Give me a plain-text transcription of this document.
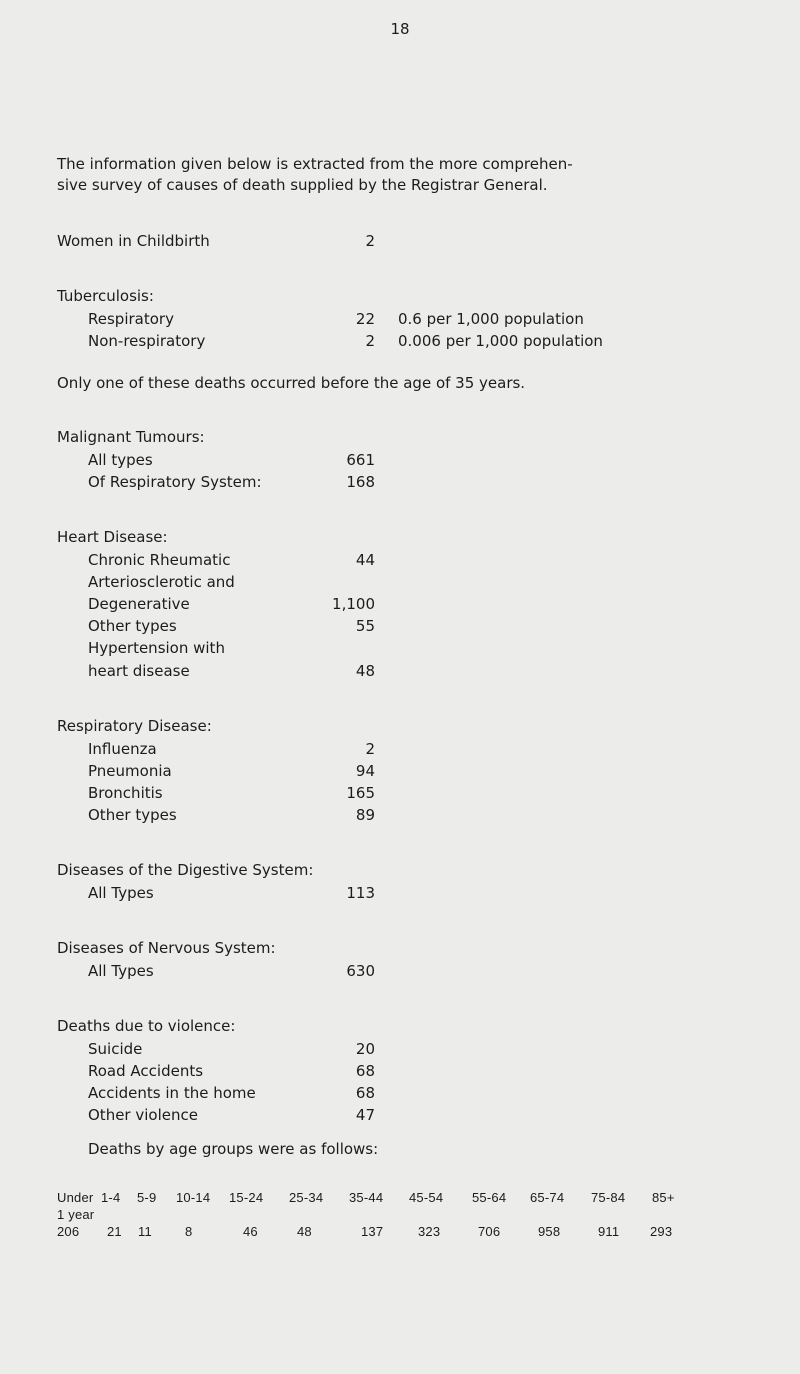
18
The information given below is extracted from the more comprehen-
sive survey of causes of death supplied by the Registrar General.
Women in Childbirth	2
Tuberculosis:
Respiratory	22 0.6 per 1,000 population
Non-respiratory	2 0.006 per 1,000 population
Only one of these deaths occurred before the age of 35 years.
Malignant Tumours:
All types	661
Of Respiratory System:	168
Heart Disease:
Chronic Rheumatic	44
Arteriosclerotic and
Degenerative	1,100
Other types	55
Hypertension with
heart disease	48
Respiratory Disease:
Influenza	2
Pneumonia	94
Bronchitis	165
Other types	89
Diseases of the Digestive System:
All Types	113
Diseases of Nervous System:
All Types	630
Deaths due to violence:
Suicide	20
Road Accidents	68
Accidents in the home	68
Other violence	47
Deaths by age groups were as follows:
Under 1-4 5-9 10-14 15-24 25-34 35-44 45-54 55-64 65-74 75-84 85+
1 year
206 21 11	8	46	48	137	323	706	958	911 293
